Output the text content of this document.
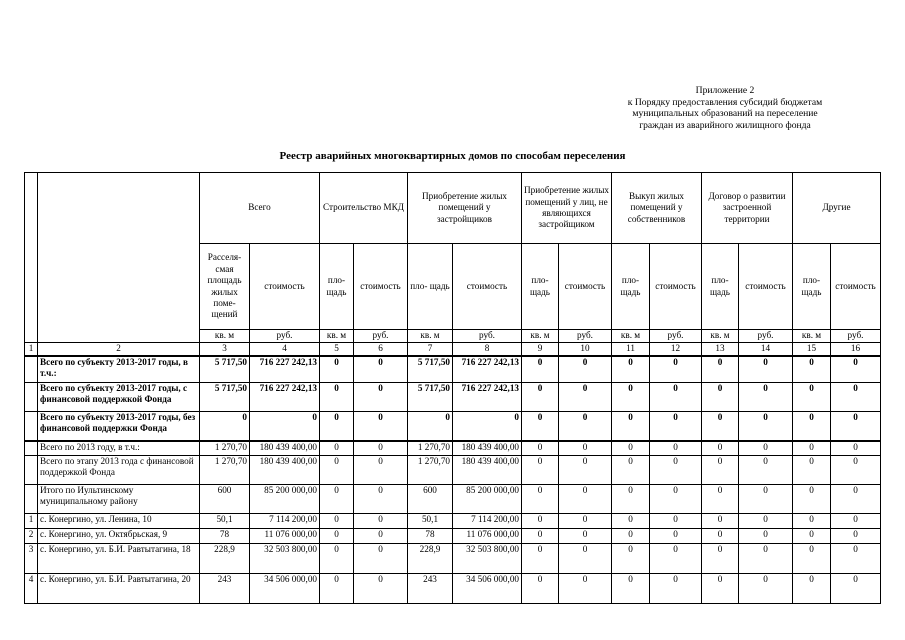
Приложение 2
к Порядку предоставления субсидий бюджетам
муниципальных образований на переселение
граждан из аварийного жилищного фонда
Реестр аварийных многоквартирных домов по способам переселения
		Всего		Строительство МКД		Приобретение жилых помещений у застройщиков		Приобретение жилых помещений у лиц, не являющихся застройщиком		Выкуп жилых помещений у собственников		Договор о развитии застроенной территории		Другие	
		Расселя- смая площадь жилых поме- щений	стоимость	пло- щадь	стоимость	пло- щадь	стоимость	пло- щадь	стоимость	пло- щадь	стоимость	пло- щадь	стоимость	пло- щадь	стоимость
		кв. м	руб.	кв. м	руб.	кв. м	руб.	кв. м	руб.	кв. м	руб.	кв. м	руб.	кв. м	руб.
1	2	3	4	5	6	7	8	9	10	11	12	13	14	15	16
	Всего по субъекту 2013-2017 годы, в т.ч.:	5 717,50	716 227 242,13	0	0	5 717,50	716 227 242,13	0	0	0	0	0	0	0	0
	Всего по субъекту 2013-2017 годы, с финансовой поддержкой Фонда	5 717,50	716 227 242,13	0	0	5 717,50	716 227 242,13	0	0	0	0	0	0	0	0
	Всего по субъекту 2013-2017 годы, без финансовой поддержки Фонда	0	0	0	0	0	0	0	0	0	0	0	0	0	0
	Всего по 2013 году, в т.ч.:	1 270,70	180 439 400,00	0	0	1 270,70	180 439 400,00	0	0	0	0	0	0	0	0
	Всего по этапу 2013 года с финансовой поддержкой Фонда	1 270,70	180 439 400,00	0	0	1 270,70	180 439 400,00	0	0	0	0	0	0	0	0
	Итого по Иультинскому муниципальному району	600	85 200 000,00	0	0	600	85 200 000,00	0	0	0	0	0	0	0	0
1	с. Конергино, ул. Ленина, 10	50,1	7 114 200,00	0	0	50,1	7 114 200,00	0	0	0	0	0	0	0	0
2	с. Конергино, ул. Октябрьская, 9	78	11 076 000,00	0	0	78	11 076 000,00	0	0	0	0	0	0	0	0
3	с. Конергино, ул. Б.И. Равтытагина, 18	228,9	32 503 800,00	0	0	228,9	32 503 800,00	0	0	0	0	0	0	0	0
4	с. Конергино, ул. Б.И. Равтытагина, 20	243	34 506 000,00	0	0	243	34 506 000,00	0	0	0	0	0	0	0	0
